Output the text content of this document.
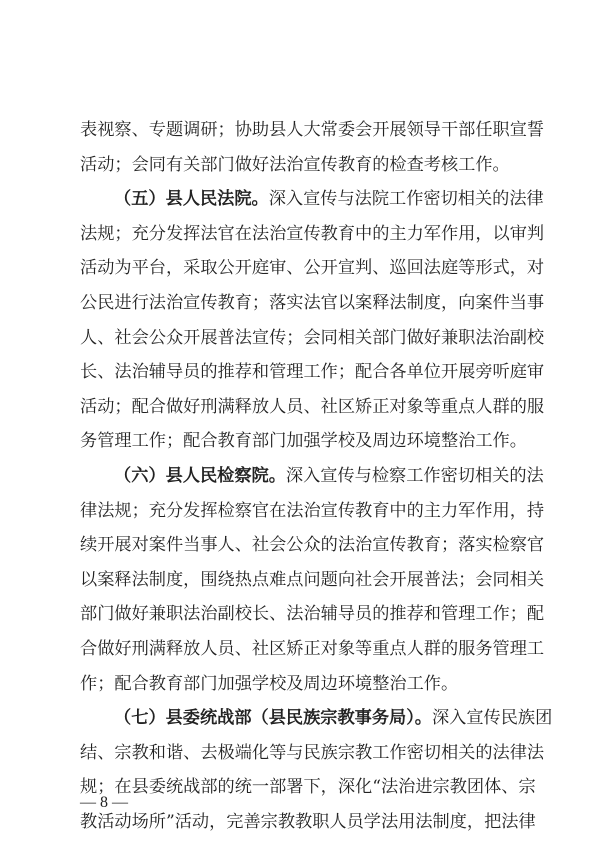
表视察、专题调研；协助县人大常委会开展领导干部任职宣誓
活动；会同有关部门做好法治宣传教育的检查考核工作。
（五）县人民法院。深入宣传与法院工作密切相关的法律
法规；充分发挥法官在法治宣传教育中的主力军作用，以审判
活动为平台，采取公开庭审、公开宣判、巡回法庭等形式，对
公民进行法治宣传教育；落实法官以案释法制度，向案件当事
人、社会公众开展普法宣传；会同相关部门做好兼职法治副校
长、法治辅导员的推荐和管理工作；配合各单位开展旁听庭审
活动；配合做好刑满释放人员、社区矫正对象等重点人群的服
务管理工作；配合教育部门加强学校及周边环境整治工作。
（六）县人民检察院。深入宣传与检察工作密切相关的法
律法规；充分发挥检察官在法治宣传教育中的主力军作用，持
续开展对案件当事人、社会公众的法治宣传教育；落实检察官
以案释法制度，围绕热点难点问题向社会开展普法；会同相关
部门做好兼职法治副校长、法治辅导员的推荐和管理工作；配
合做好刑满释放人员、社区矫正对象等重点人群的服务管理工
作；配合教育部门加强学校及周边环境整治工作。
（七）县委统战部（县民族宗教事务局）。深入宣传民族团
结、宗教和谐、去极端化等与民族宗教工作密切相关的法律法
规；在县委统战部的统一部署下，深化“法治进宗教团体、宗
教活动场所”活动，完善宗教教职人员学法用法制度，把法律
— 8 —
